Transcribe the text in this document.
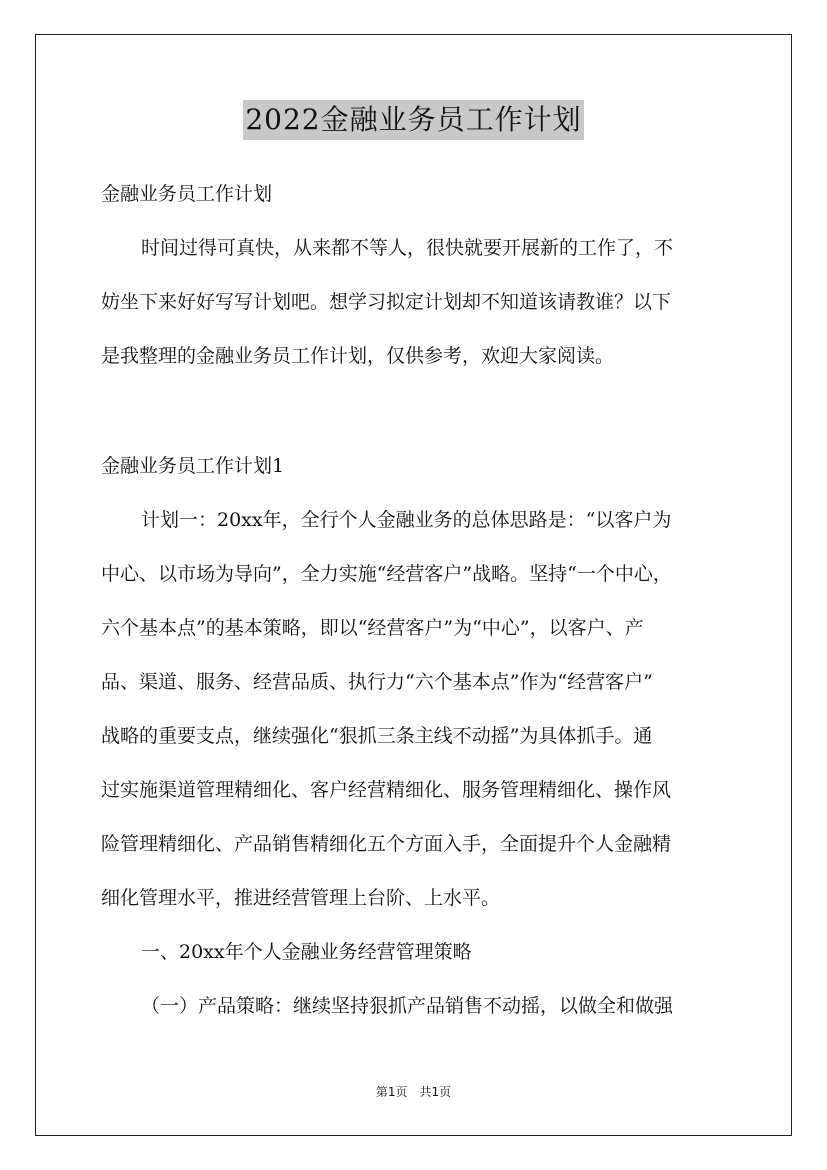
2022金融业务员工作计划
金融业务员工作计划
时间过得可真快，从来都不等人，很快就要开展新的工作了，不
妨坐下来好好写写计划吧。想学习拟定计划却不知道该请教谁？以下
是我整理的金融业务员工作计划，仅供参考，欢迎大家阅读。
金融业务员工作计划1
计划一：20xx年，全行个人金融业务的总体思路是：“以客户为
中心、以市场为导向”，全力实施“经营客户”战略。坚持“一个中心，
六个基本点”的基本策略，即以“经营客户”为“中心”，以客户、产
品、渠道、服务、经营品质、执行力“六个基本点”作为“经营客户”
战略的重要支点，继续强化“狠抓三条主线不动摇”为具体抓手。通
过实施渠道管理精细化、客户经营精细化、服务管理精细化、操作风
险管理精细化、产品销售精细化五个方面入手，全面提升个人金融精
细化管理水平，推进经营管理上台阶、上水平。
一、20xx年个人金融业务经营管理策略
（一）产品策略：继续坚持狠抓产品销售不动摇，以做全和做强
第1页　共1页
